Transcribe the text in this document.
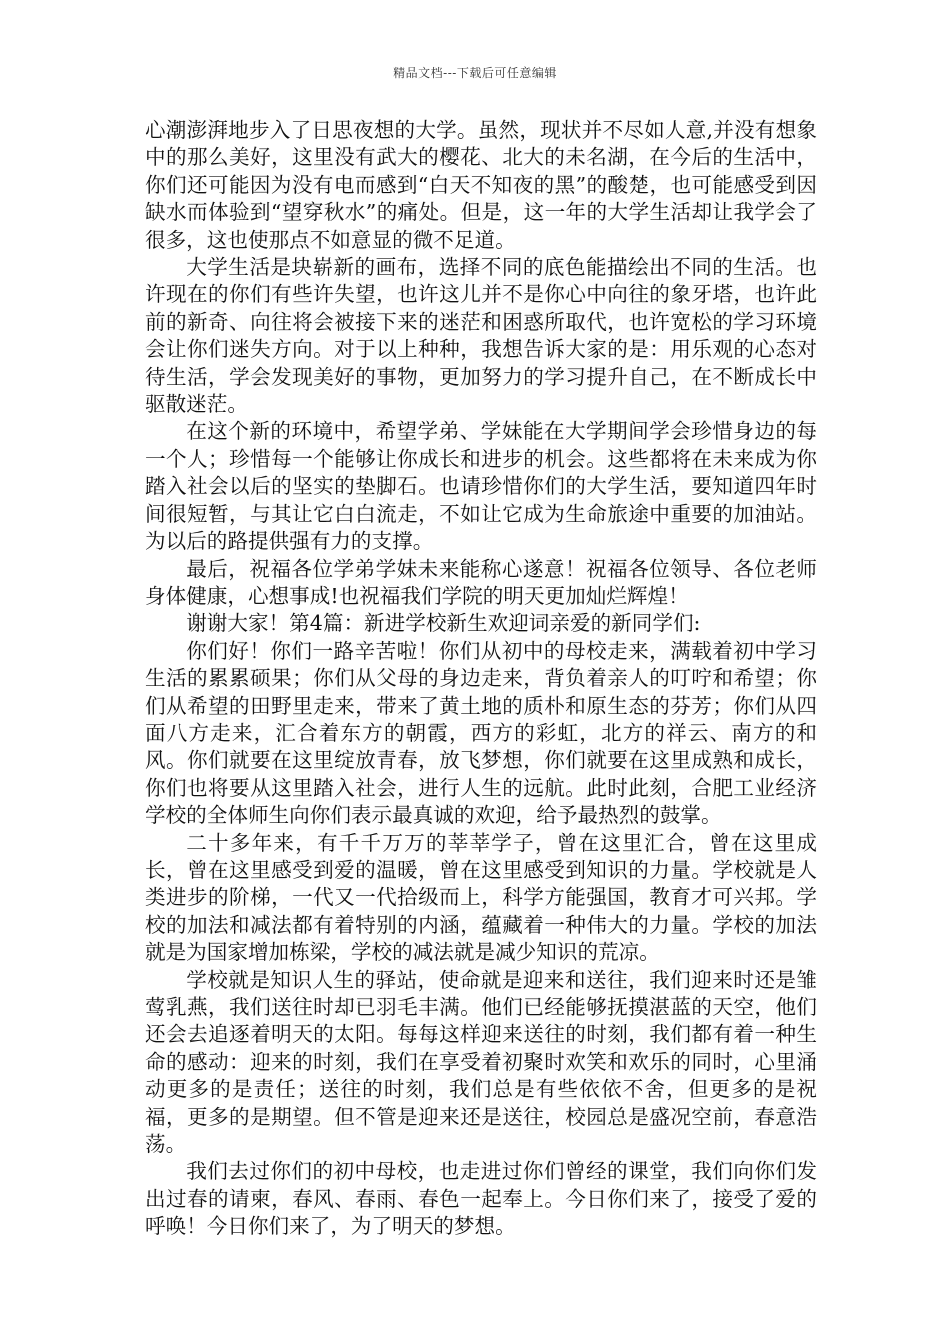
精品文档---下载后可任意编辑

心潮澎湃地步入了日思夜想的大学。虽然，现状并不尽如人意,并没有想象中的那么美好，这里没有武大的樱花、北大的未名湖，在今后的生活中，你们还可能因为没有电而感到“白天不知夜的黑”的酸楚，也可能感受到因缺水而体验到“望穿秋水”的痛处。但是，这一年的大学生活却让我学会了很多，这也使那点不如意显的微不足道。

大学生活是块崭新的画布，选择不同的底色能描绘出不同的生活。也许现在的你们有些许失望，也许这儿并不是你心中向往的象牙塔，也许此前的新奇、向往将会被接下来的迷茫和困惑所取代，也许宽松的学习环境会让你们迷失方向。对于以上种种，我想告诉大家的是：用乐观的心态对待生活，学会发现美好的事物，更加努力的学习提升自己，在不断成长中驱散迷茫。

在这个新的环境中，希望学弟、学妹能在大学期间学会珍惜身边的每一个人；珍惜每一个能够让你成长和进步的机会。这些都将在未来成为你踏入社会以后的坚实的垫脚石。也请珍惜你们的大学生活，要知道四年时间很短暂，与其让它白白流走，不如让它成为生命旅途中重要的加油站。为以后的路提供强有力的支撑。

最后，祝福各位学弟学妹未来能称心遂意！祝福各位领导、各位老师身体健康，心想事成!也祝福我们学院的明天更加灿烂辉煌！

谢谢大家！第4篇：新进学校新生欢迎词亲爱的新同学们:

你们好！你们一路辛苦啦！你们从初中的母校走来，满载着初中学习生活的累累硕果；你们从父母的身边走来，背负着亲人的叮咛和希望；你们从希望的田野里走来，带来了黄土地的质朴和原生态的芬芳；你们从四面八方走来，汇合着东方的朝霞，西方的彩虹，北方的祥云、南方的和风。你们就要在这里绽放青春，放飞梦想，你们就要在这里成熟和成长，你们也将要从这里踏入社会，进行人生的远航。此时此刻，合肥工业经济学校的全体师生向你们表示最真诚的欢迎，给予最热烈的鼓掌。

二十多年来，有千千万万的莘莘学子，曾在这里汇合，曾在这里成长，曾在这里感受到爱的温暖，曾在这里感受到知识的力量。学校就是人类进步的阶梯，一代又一代拾级而上，科学方能强国，教育才可兴邦。学校的加法和减法都有着特别的内涵，蕴藏着一种伟大的力量。学校的加法就是为国家增加栋梁，学校的减法就是减少知识的荒凉。

学校就是知识人生的驿站，使命就是迎来和送往，我们迎来时还是雏莺乳燕，我们送往时却已羽毛丰满。他们已经能够抚摸湛蓝的天空，他们还会去追逐着明天的太阳。每每这样迎来送往的时刻，我们都有着一种生命的感动：迎来的时刻，我们在享受着初聚时欢笑和欢乐的同时，心里涌动更多的是责任；送往的时刻，我们总是有些依依不舍，但更多的是祝福，更多的是期望。但不管是迎来还是送往，校园总是盛况空前，春意浩荡。

我们去过你们的初中母校，也走进过你们曾经的课堂，我们向你们发出过春的请柬，春风、春雨、春色一起奉上。今日你们来了，接受了爱的呼唤！今日你们来了，为了明天的梦想。
